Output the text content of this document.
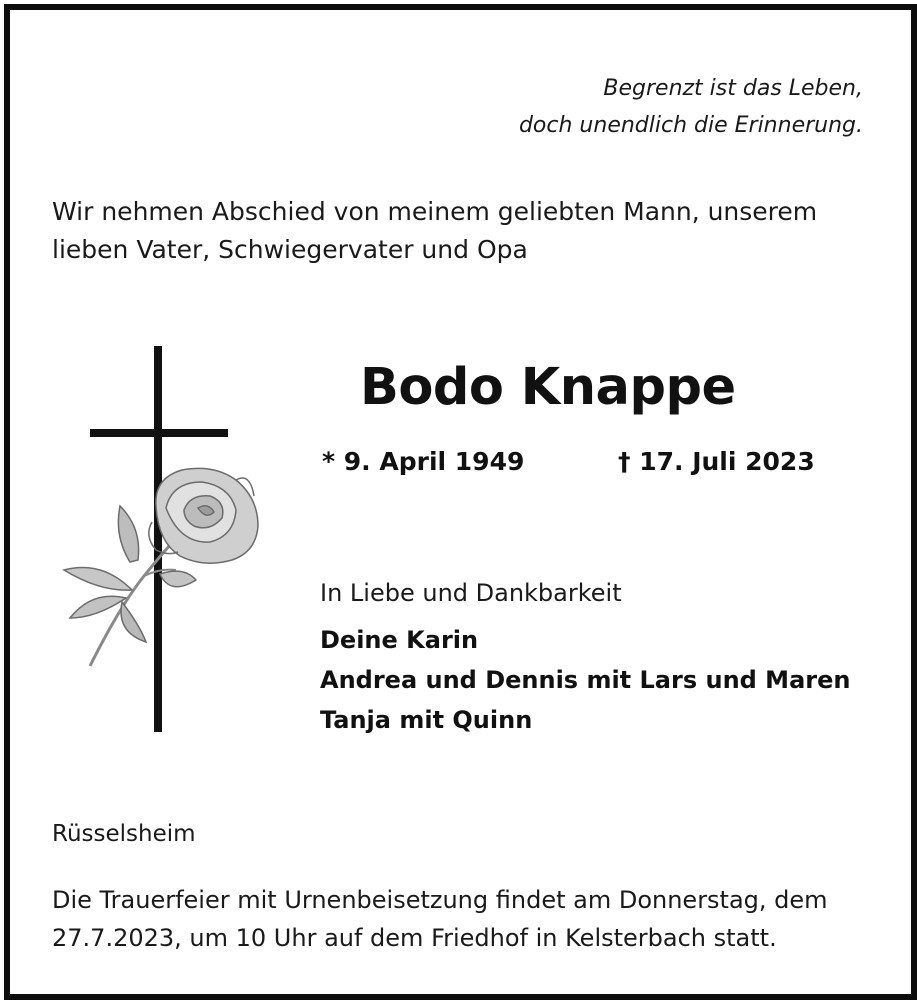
Begrenzt ist das Leben,
doch unendlich die Erinnerung.
Wir nehmen Abschied von meinem geliebten Mann, unserem
lieben Vater, Schwiegervater und Opa
Bodo Knappe
* 9. April 1949	† 17. Juli 2023
In Liebe und Dankbarkeit
Deine Karin
Andrea und Dennis mit Lars und Maren
Tanja mit Quinn
Rüsselsheim
Die Trauerfeier mit Urnenbeisetzung findet am Donnerstag, dem
27.7.2023, um 10 Uhr auf dem Friedhof in Kelsterbach statt.
